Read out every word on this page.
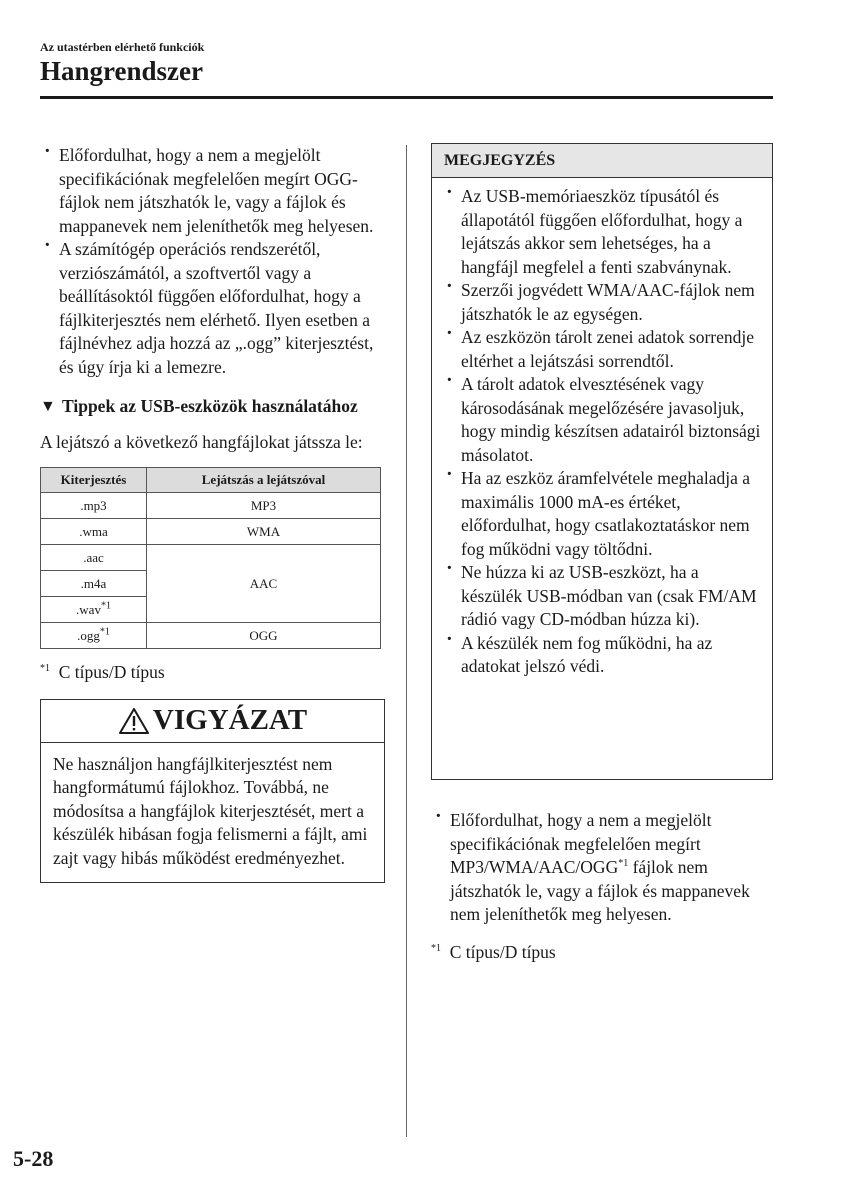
Az utastérben elérhető funkciók
Hangrendszer
· Előfordulhat, hogy a nem a megjelölt specifikációnak megfelelően megírt OGG-fájlok nem játszhatók le, vagy a fájlok és mappanevek nem jeleníthetők meg helyesen.
· A számítógép operációs rendszerétől, verziószámától, a szoftvertől vagy a beállításoktól függően előfordulhat, hogy a fájlkiterjesztés nem elérhető. Ilyen esetben a fájlnévhez adja hozzá az „.ogg” kiterjesztést, és úgy írja ki a lemezre.
▼ Tippek az USB-eszközök használatához
A lejátszó a következő hangfájlokat játssza le:
Kiterjesztés	Lejátszás a lejátszóval
.mp3	MP3
.wma	WMA
.aac	AAC
.m4a	
.wav$^{*1}$
.ogg$^{*1}$	OGG
$^{*1}$ C típus/D típus
VIGYÁZAT
Ne használjon hangfájlkiterjesztést nem hangformátumú fájlokhoz. Továbbá, ne módosítsa a hangfájlok kiterjesztését, mert a készülék hibásan fogja felismerni a fájlt, ami zajt vagy hibás működést eredményezhet.
MEGJEGYZÉS
· Az USB-memóriaeszköz típusától és állapotától függően előfordulhat, hogy a lejátszás akkor sem lehetséges, ha a hangfájl megfelel a fenti szabványnak.
· Szerzői jogvédett WMA/AAC-fájlok nem játszhatók le az egységen.
· Az eszközön tárolt zenei adatok sorrendje eltérhet a lejátszási sorrendtől.
· A tárolt adatok elvesztésének vagy károsodásának megelőzésére javasoljuk, hogy mindig készítsen adatairól biztonsági másolatot.
· Ha az eszköz áramfelvétele meghaladja a maximális 1000 mA-es értéket, előfordulhat, hogy csatlakoztatáskor nem fog működni vagy töltődni.
· Ne húzza ki az USB-eszközt, ha a készülék USB-módban van (csak FM/AM rádió vagy CD-módban húzza ki).
· A készülék nem fog működni, ha az adatokat jelszó védi.
· Előfordulhat, hogy a nem a megjelölt specifikációnak megfelelően megírt MP3/WMA/AAC/OGG$^{*1}$ fájlok nem játszhatók le, vagy a fájlok és mappanevek nem jeleníthetők meg helyesen.
$^{*1}$ C típus/D típus
5-28
